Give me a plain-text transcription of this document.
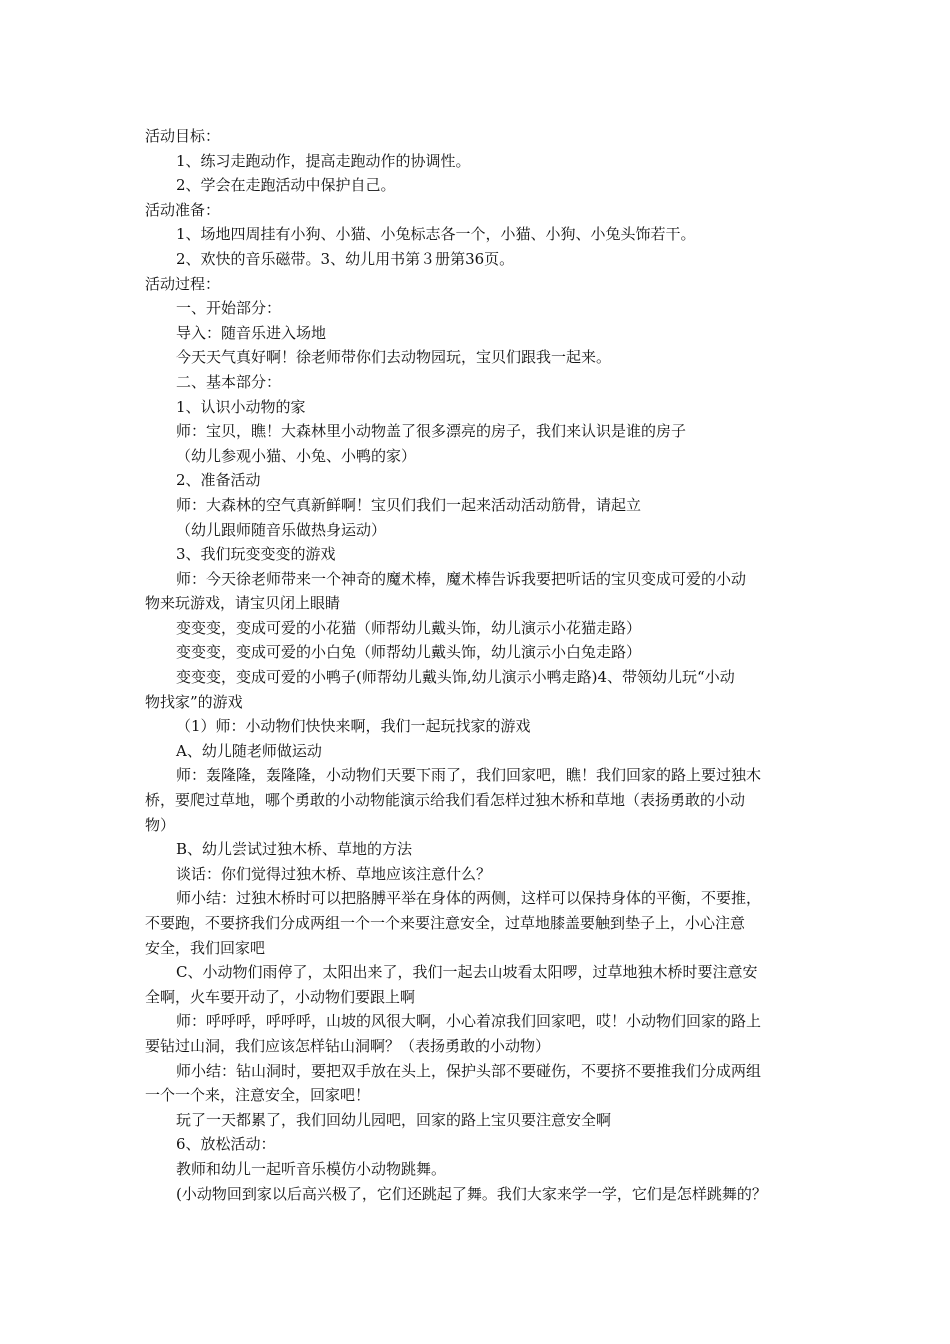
活动目标：
1、练习走跑动作，提高走跑动作的协调性。
2、学会在走跑活动中保护自己。
活动准备：
1、场地四周挂有小狗、小猫、小兔标志各一个，小猫、小狗、小兔头饰若干。
2、欢快的音乐磁带。3、幼儿用书第３册第36页。
活动过程：
一、开始部分：
导入：随音乐进入场地
今天天气真好啊！徐老师带你们去动物园玩，宝贝们跟我一起来。
二、基本部分：
1、认识小动物的家
师：宝贝，瞧！大森林里小动物盖了很多漂亮的房子，我们来认识是谁的房子
（幼儿参观小猫、小兔、小鸭的家）
2、准备活动
师：大森林的空气真新鲜啊！宝贝们我们一起来活动活动筋骨，请起立
（幼儿跟师随音乐做热身运动）
3、我们玩变变变的游戏
师：今天徐老师带来一个神奇的魔术棒，魔术棒告诉我要把听话的宝贝变成可爱的小动
物来玩游戏，请宝贝闭上眼睛
变变变，变成可爱的小花猫（师帮幼儿戴头饰，幼儿演示小花猫走路）
变变变，变成可爱的小白兔（师帮幼儿戴头饰，幼儿演示小白兔走路）
变变变，变成可爱的小鸭子(师帮幼儿戴头饰,幼儿演示小鸭走路)4、带领幼儿玩“小动
物找家”的游戏
（1）师：小动物们快快来啊，我们一起玩找家的游戏
A、幼儿随老师做运动
师：轰隆隆，轰隆隆，小动物们天要下雨了，我们回家吧，瞧！我们回家的路上要过独木
桥，要爬过草地，哪个勇敢的小动物能演示给我们看怎样过独木桥和草地（表扬勇敢的小动
物）
B、幼儿尝试过独木桥、草地的方法
谈话：你们觉得过独木桥、草地应该注意什么？
师小结：过独木桥时可以把胳膊平举在身体的两侧，这样可以保持身体的平衡，不要推，
不要跑，不要挤我们分成两组一个一个来要注意安全，过草地膝盖要触到垫子上，小心注意
安全，我们回家吧
C、小动物们雨停了，太阳出来了，我们一起去山坡看太阳啰，过草地独木桥时要注意安
全啊，火车要开动了，小动物们要跟上啊
师：呼呼呼，呼呼呼，山坡的风很大啊，小心着凉我们回家吧，哎！小动物们回家的路上
要钻过山洞，我们应该怎样钻山洞啊？（表扬勇敢的小动物）
师小结：钻山洞时，要把双手放在头上，保护头部不要碰伤，不要挤不要推我们分成两组
一个一个来，注意安全，回家吧！
玩了一天都累了，我们回幼儿园吧，回家的路上宝贝要注意安全啊
6、放松活动：
教师和幼儿一起听音乐模仿小动物跳舞。
(小动物回到家以后高兴极了，它们还跳起了舞。我们大家来学一学，它们是怎样跳舞的？
